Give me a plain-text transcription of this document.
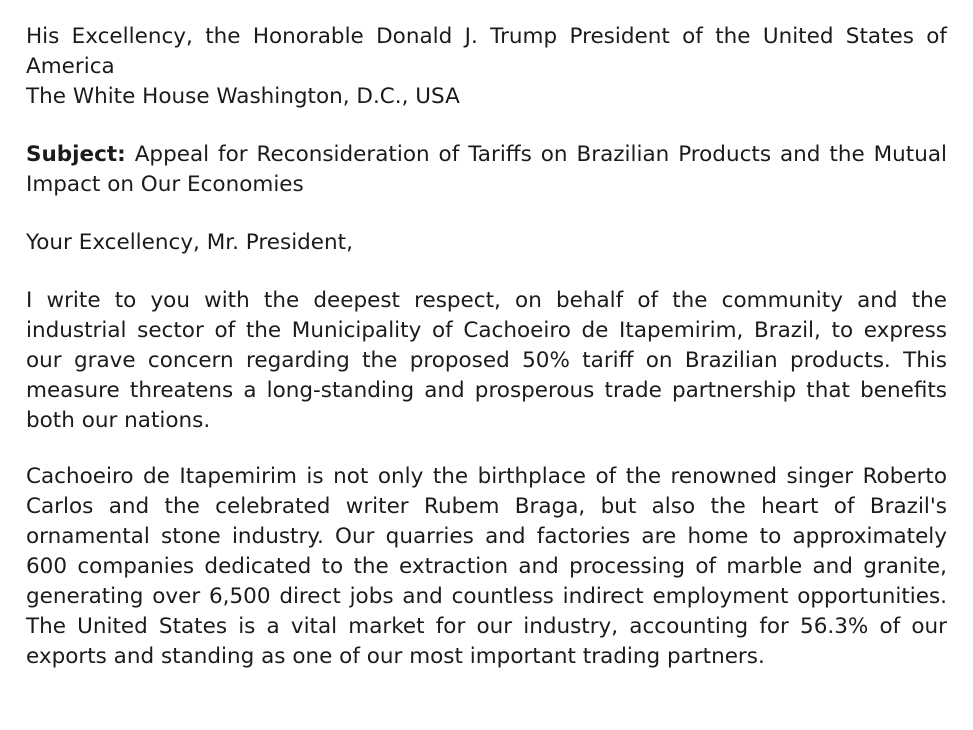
His Excellency, the Honorable Donald J. Trump President of the United States of America
The White House Washington, D.C., USA
Subject: Appeal for Reconsideration of Tariffs on Brazilian Products and the Mutual Impact on Our Economies
Your Excellency, Mr. President,

I write to you with the deepest respect, on behalf of the community and the industrial sector of the Municipality of Cachoeiro de Itapemirim, Brazil, to express our grave concern regarding the proposed 50% tariff on Brazilian products. This measure threatens a long-standing and prosperous trade partnership that benefits both our nations.

Cachoeiro de Itapemirim is not only the birthplace of the renowned singer Roberto Carlos and the celebrated writer Rubem Braga, but also the heart of Brazil's ornamental stone industry. Our quarries and factories are home to approximately 600 companies dedicated to the extraction and processing of marble and granite, generating over 6,500 direct jobs and countless indirect employment opportunities. The United States is a vital market for our industry, accounting for 56.3% of our exports and standing as one of our most important trading partners.
